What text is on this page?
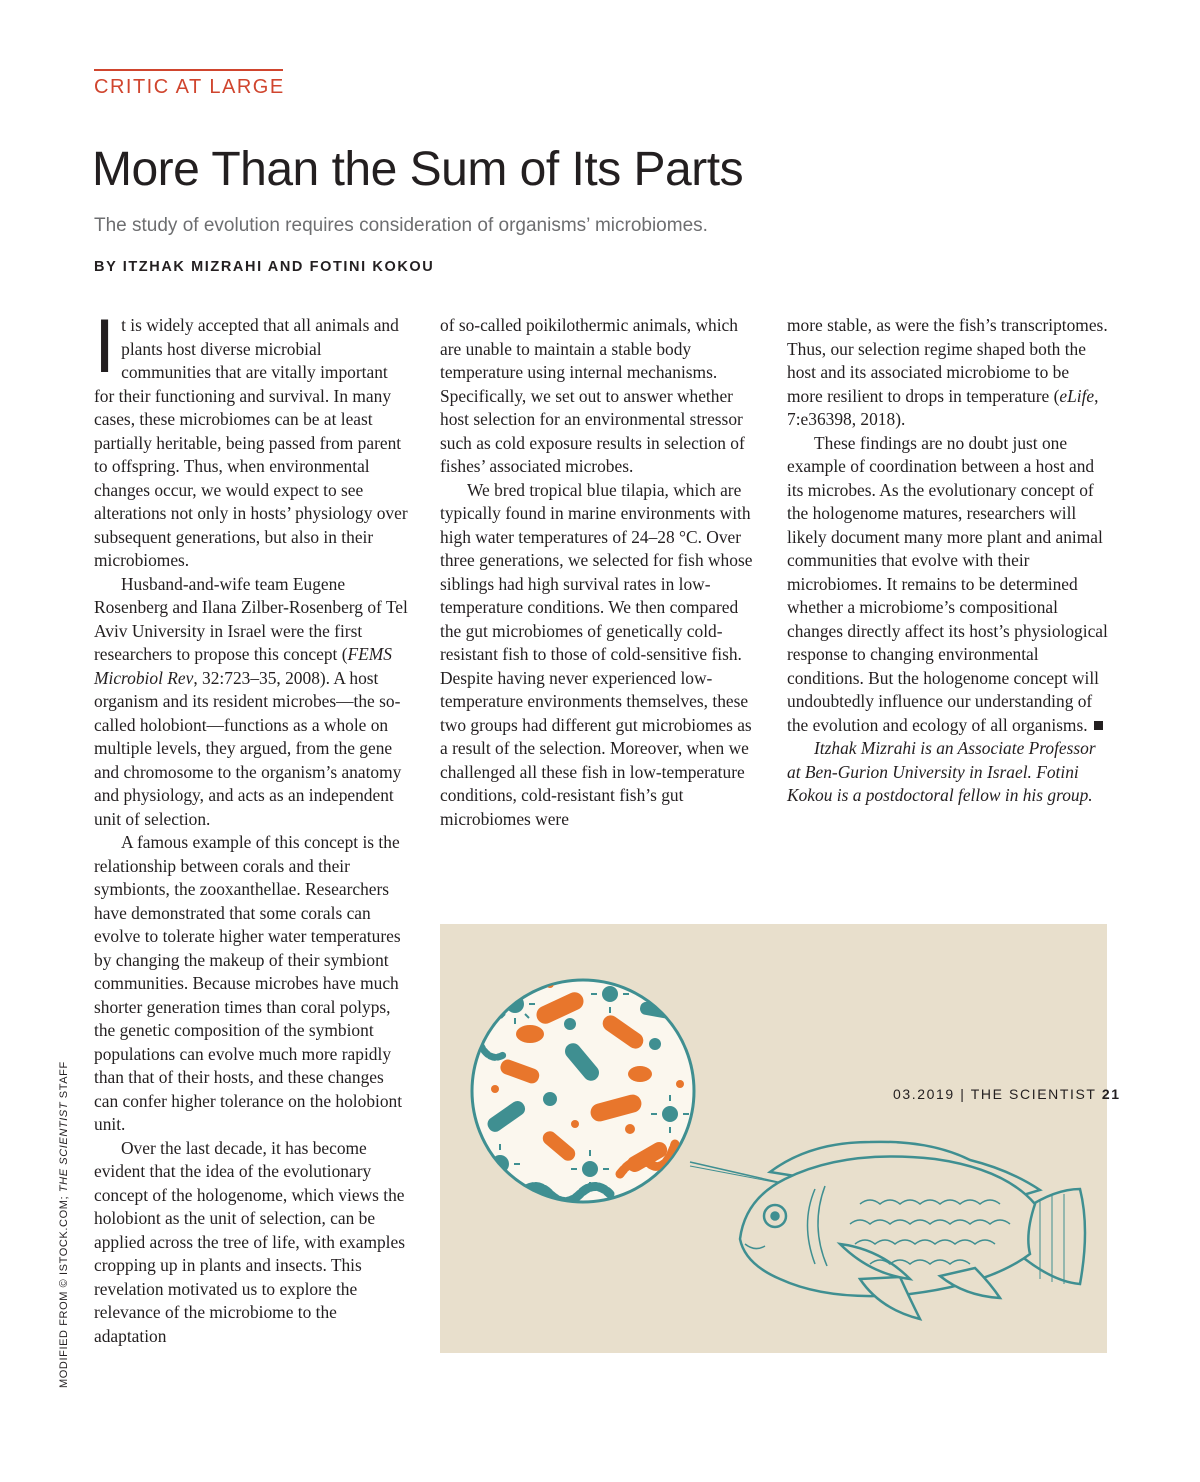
CRITIC AT LARGE
More Than the Sum of Its Parts
The study of evolution requires consideration of organisms’ microbiomes.
BY ITZHAK MIZRAHI AND FOTINI KOKOU

It is widely accepted that all animals and plants host diverse microbial communities that are vitally important for their functioning and survival. In many cases, these microbiomes can be at least partially heritable, being passed from parent to offspring. Thus, when environmental changes occur, we would expect to see alterations not only in hosts’ physiology over subsequent generations, but also in their microbiomes.

Husband-and-wife team Eugene Rosenberg and Ilana Zilber-Rosenberg of Tel Aviv University in Israel were the first researchers to propose this concept (FEMS Microbiol Rev, 32:723–35, 2008). A host organism and its resident microbes—the so-called holobiont—functions as a whole on multiple levels, they argued, from the gene and chromosome to the organism’s anatomy and physiology, and acts as an independent unit of selection.

A famous example of this concept is the relationship between corals and their symbionts, the zooxanthellae. Researchers have demonstrated that some corals can evolve to tolerate higher water temperatures by changing the makeup of their symbiont communities. Because microbes have much shorter generation times than coral polyps, the genetic composition of the symbiont populations can evolve much more rapidly than that of their hosts, and these changes can confer higher tolerance on the holobiont unit.

Over the last decade, it has become evident that the idea of the evolutionary concept of the hologenome, which views the holobiont as the unit of selection, can be applied across the tree of life, with examples cropping up in plants and insects. This revelation motivated us to explore the relevance of the microbiome to the adaptation

of so-called poikilothermic animals, which are unable to maintain a stable body temperature using internal mechanisms. Specifically, we set out to answer whether host selection for an environmental stressor such as cold exposure results in selection of fishes’ associated microbes.

We bred tropical blue tilapia, which are typically found in marine environments with high water temperatures of 24–28 °C. Over three generations, we selected for fish whose siblings had high survival rates in low-temperature conditions. We then compared the gut microbiomes of genetically cold-resistant fish to those of cold-sensitive fish. Despite having never experienced low-temperature environments themselves, these two groups had different gut microbiomes as a result of the selection. Moreover, when we challenged all these fish in low-temperature conditions, cold-resistant fish’s gut microbiomes were

more stable, as were the fish’s transcriptomes. Thus, our selection regime shaped both the host and its associated microbiome to be more resilient to drops in temperature (eLife, 7:e36398, 2018).

These findings are no doubt just one example of coordination between a host and its microbes. As the evolutionary concept of the hologenome matures, researchers will likely document many more plant and animal communities that evolve with their microbiomes. It remains to be determined whether a microbiome’s compositional changes directly affect its host’s physiological response to changing environmental conditions. But the hologenome concept will undoubtedly influence our understanding of the evolution and ecology of all organisms.

Itzhak Mizrahi is an Associate Professor at Ben-Gurion University in Israel. Fotini Kokou is a postdoctoral fellow in his group.

MODIFIED FROM © ISTOCK.COM; THE SCIENTIST STAFF	03.2019 | THE SCIENTIST 21
